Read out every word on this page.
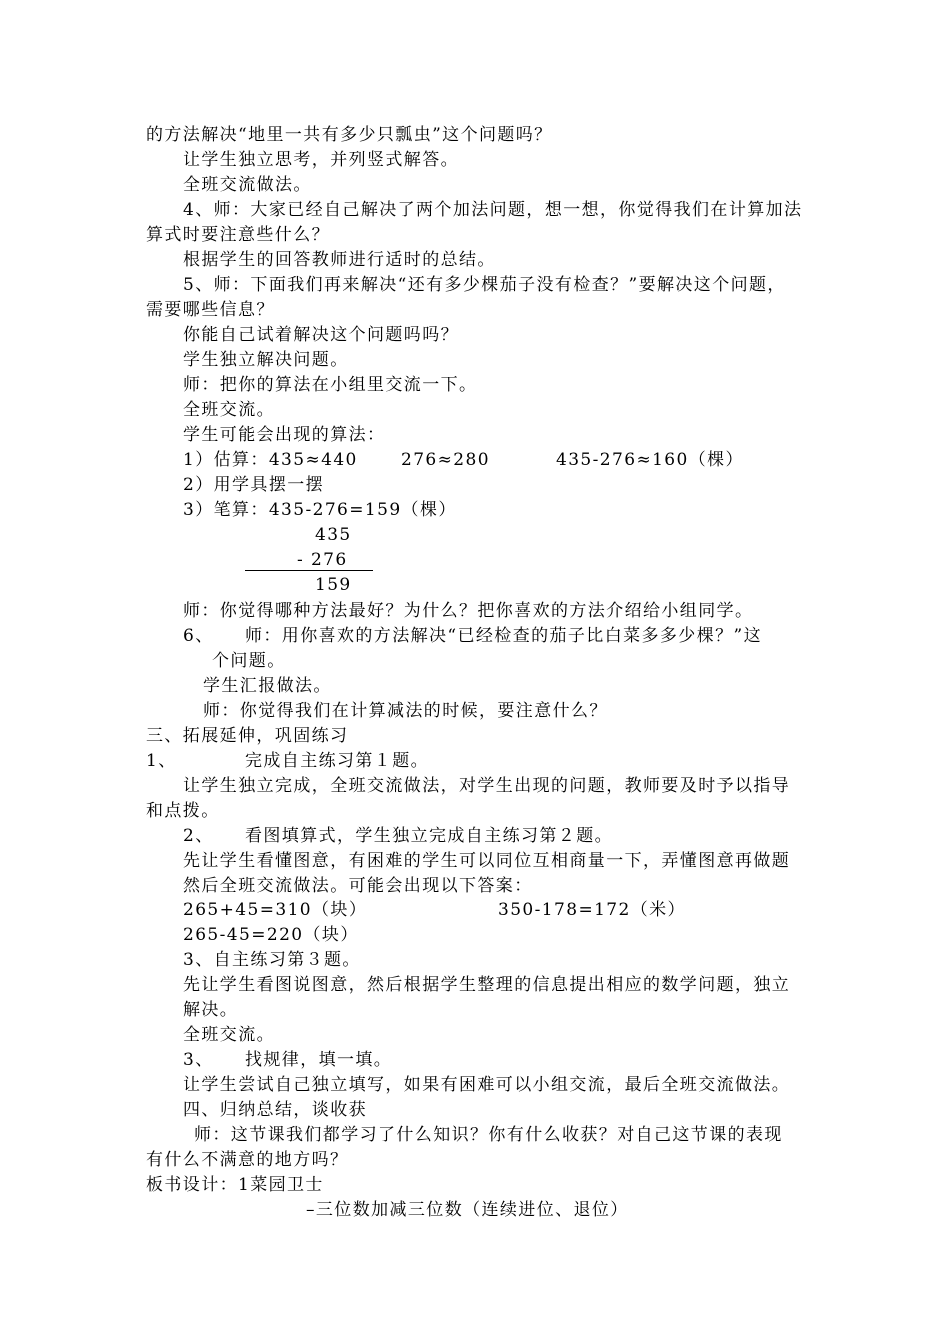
的方法解决“地里一共有多少只瓢虫”这个问题吗？
让学生独立思考，并列竖式解答。
全班交流做法。
4、师：大家已经自己解决了两个加法问题，想一想，你觉得我们在计算加法
算式时要注意些什么？
根据学生的回答教师进行适时的总结。
5、师：下面我们再来解决“还有多少棵茄子没有检查？”要解决这个问题，
需要哪些信息？
你能自己试着解决这个问题吗吗？
学生独立解决问题。
师：把你的算法在小组里交流一下。
全班交流。
学生可能会出现的算法：
1）估算：435≈440	276≈280	435-276≈160（棵）
2）用学具摆一摆
3）笔算：435-276=159（棵）
435
- 276
159
师：你觉得哪种方法最好？为什么？把你喜欢的方法介绍给小组同学。
6、 师：用你喜欢的方法解决“已经检查的茄子比白菜多多少棵？”这
个问题。
学生汇报做法。
师：你觉得我们在计算减法的时候，要注意什么？
三、拓展延伸，巩固练习
1、	完成自主练习第１题。
让学生独立完成，全班交流做法，对学生出现的问题，教师要及时予以指导
和点拨。
2、 看图填算式，学生独立完成自主练习第２题。
先让学生看懂图意，有困难的学生可以同位互相商量一下，弄懂图意再做题
然后全班交流做法。可能会出现以下答案：
265+45=310（块）	350-178=172（米）
265-45=220（块）
3、自主练习第３题。
先让学生看图说图意，然后根据学生整理的信息提出相应的数学问题，独立
解决。
全班交流。
3、 找规律，填一填。
让学生尝试自己独立填写，如果有困难可以小组交流，最后全班交流做法。
四、归纳总结，谈收获
师：这节课我们都学习了什么知识？你有什么收获？对自己这节课的表现
有什么不满意的地方吗？
板书设计：1菜园卫士
–三位数加减三位数（连续进位、退位）
